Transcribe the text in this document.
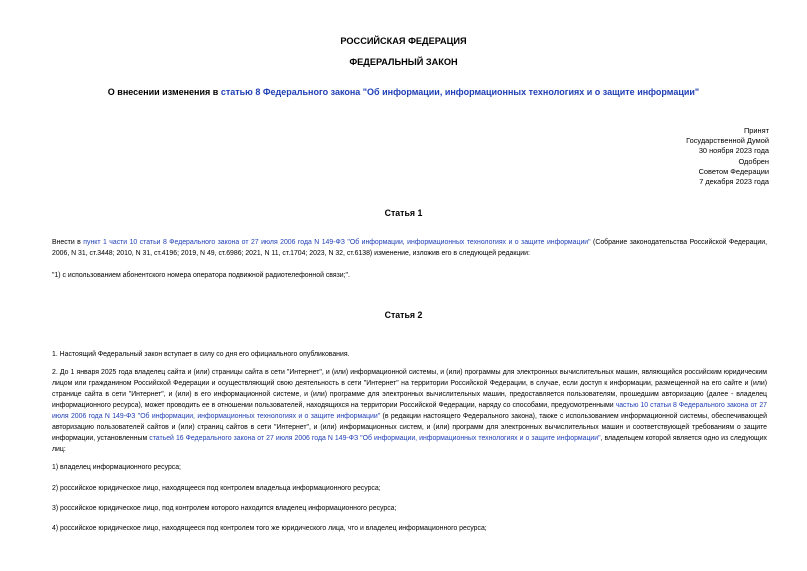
РОССИЙСКАЯ ФЕДЕРАЦИЯ
ФЕДЕРАЛЬНЫЙ ЗАКОН
О внесении изменения в статью 8 Федерального закона "Об информации, информационных технологиях и о защите информации"
Принят
Государственной Думой
30 ноября 2023 года
Одобрен
Советом Федерации
7 декабря 2023 года
Статья 1
Внести в пункт 1 части 10 статьи 8 Федерального закона от 27 июля 2006 года N 149-ФЗ "Об информации, информационных технологиях и о защите информации" (Собрание законодательства Российской Федерации, 2006, N 31, ст.3448; 2010, N 31, ст.4196; 2019, N 49, ст.6986; 2021, N 11, ст.1704; 2023, N 32, ст.6138) изменение, изложив его в следующей редакции:
"1) с использованием абонентского номера оператора подвижной радиотелефонной связи;".
Статья 2
1. Настоящий Федеральный закон вступает в силу со дня его официального опубликования.
2. До 1 января 2025 года владелец сайта и (или) страницы сайта в сети "Интернет", и (или) информационной системы, и (или) программы для электронных вычислительных машин, являющийся российским юридическим лицом или гражданином Российской Федерации и осуществляющий свою деятельность в сети "Интернет" на территории Российской Федерации, в случае, если доступ к информации, размещенной на его сайте и (или) странице сайта в сети "Интернет", и (или) в его информационной системе, и (или) программе для электронных вычислительных машин, предоставляется пользователям, прошедшим авторизацию (далее - владелец информационного ресурса), может проводить ее в отношении пользователей, находящихся на территории Российской Федерации, наряду со способами, предусмотренными частью 10 статьи 8 Федерального закона от 27 июля 2006 года N 149-ФЗ "Об информации, информационных технологиях и о защите информации" (в редакции настоящего Федерального закона), также с использованием информационной системы, обеспечивающей авторизацию пользователей сайтов и (или) страниц сайтов в сети "Интернет", и (или) информационных систем, и (или) программ для электронных вычислительных машин и соответствующей требованиям о защите информации, установленным статьей 16 Федерального закона от 27 июля 2006 года N 149-ФЗ "Об информации, информационных технологиях и о защите информации", владельцем которой является одно из следующих лиц:
1) владелец информационного ресурса;
2) российское юридическое лицо, находящееся под контролем владельца информационного ресурса;
3) российское юридическое лицо, под контролем которого находится владелец информационного ресурса;
4) российское юридическое лицо, находящееся под контролем того же юридического лица, что и владелец информационного ресурса;
